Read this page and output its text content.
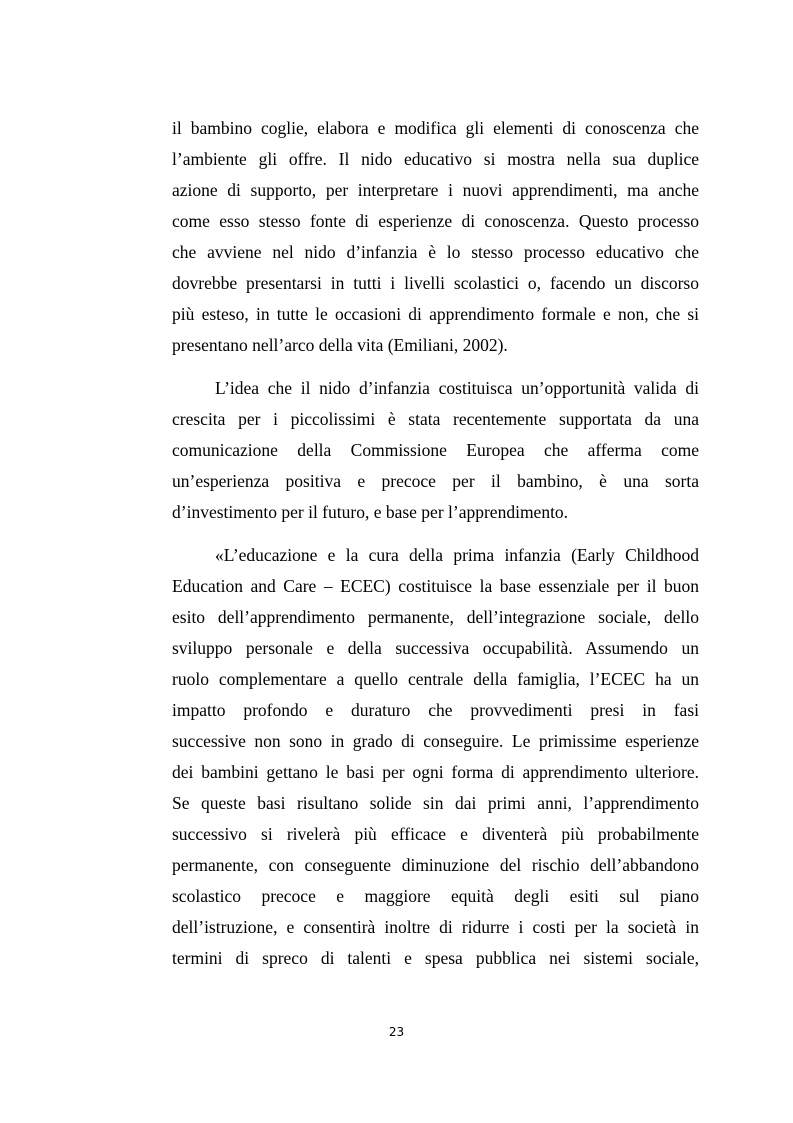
il bambino coglie, elabora e modifica gli elementi di conoscenza che
l’ambiente gli offre. Il nido educativo si mostra nella sua duplice
azione di supporto, per interpretare i nuovi apprendimenti, ma anche
come esso stesso fonte di esperienze di conoscenza. Questo processo
che avviene nel nido d’infanzia è lo stesso processo educativo che
dovrebbe presentarsi in tutti i livelli scolastici o, facendo un discorso
più esteso, in tutte le occasioni di apprendimento formale e non, che si
presentano nell’arco della vita (Emiliani, 2002).
L’idea che il nido d’infanzia costituisca un’opportunità valida di
crescita per i piccolissimi è stata recentemente supportata da una
comunicazione della Commissione Europea che afferma come
un’esperienza positiva e precoce per il bambino, è una sorta
d’investimento per il futuro, e base per l’apprendimento.
«L’educazione e la cura della prima infanzia (Early Childhood
Education and Care – ECEC) costituisce la base essenziale per il buon
esito dell’apprendimento permanente, dell’integrazione sociale, dello
sviluppo personale e della successiva occupabilità. Assumendo un
ruolo complementare a quello centrale della famiglia, l’ECEC ha un
impatto profondo e duraturo che provvedimenti presi in fasi
successive non sono in grado di conseguire. Le primissime esperienze
dei bambini gettano le basi per ogni forma di apprendimento ulteriore.
Se queste basi risultano solide sin dai primi anni, l’apprendimento
successivo si rivelerà più efficace e diventerà più probabilmente
permanente, con conseguente diminuzione del rischio dell’abbandono
scolastico precoce e maggiore equità degli esiti sul piano
dell’istruzione, e consentirà inoltre di ridurre i costi per la società in
termini di spreco di talenti e spesa pubblica nei sistemi sociale,
23
